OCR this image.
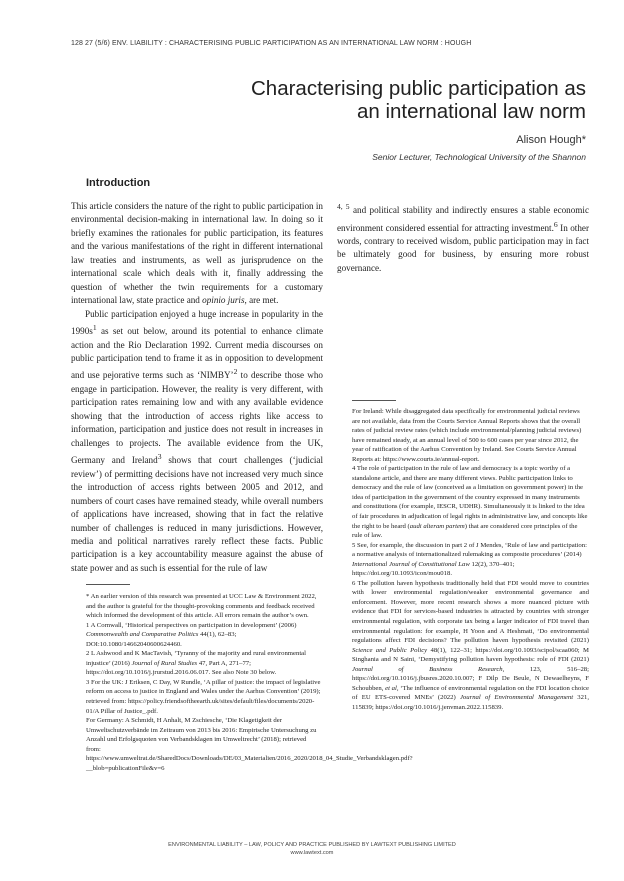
128 27 (5/6) ENV. LIABILITY : CHARACTERISING PUBLIC PARTICIPATION AS AN INTERNATIONAL LAW NORM : HOUGH
Characterising public participation as
an international law norm
Alison Hough*
Senior Lecturer, Technological University of the Shannon
Introduction

This article considers the nature of the right to public participation in environmental decision-making in international law. In doing so it briefly examines the rationales for public participation, its features and the various manifestations of the right in different international law treaties and instruments, as well as jurisprudence on the international scale which deals with it, finally addressing the question of whether the twin requirements for a customary international law, state practice and opinio juris, are met.

Public participation enjoyed a huge increase in popularity in the $1990s^1$ as set out below, around its potential to enhance climate action and the Rio Declaration 1992. Current media discourses on public participation tend to frame it as in opposition to development and use pejorative terms such as ‘NIMBY’$^2$ to describe those who engage in participation. However, the reality is very different, with participation rates remaining low and with any available evidence showing that the introduction of access rights like access to information, participation and justice does not result in increases in challenges to projects. The available evidence from the UK, Germany and Ireland$^3$ shows that court challenges (‘judicial review’) of permitting decisions have not increased very much since the introduction of access rights between 2005 and 2012, and numbers of court cases have remained steady, while overall numbers of applications have increased, showing that in fact the relative number of challenges is reduced in many jurisdictions. However, media and political narratives rarely reflect these facts. Public participation is a key accountability measure against the abuse of state power and as such is essential for the rule of law

$^{4, 5}$ and political stability and indirectly ensures a stable economic environment considered essential for attracting investment.$^6$ In other words, contrary to received wisdom, public participation may in fact be ultimately good for business, by ensuring more robust governance.

* An earlier version of this research was presented at UCC Law & Environment 2022, and the author is grateful for the thought-provoking comments and feedback received which informed the development of this article. All errors remain the author’s own.

1 A Cornwall, ‘Historical perspectives on participation in development’ (2006) Commonwealth and Comparative Politics 44(1), 62–83; DOI:10.1080/14662040600624460.

2 L Ashwood and K MacTavish, ‘Tyranny of the majority and rural environmental injustice’ (2016) Journal of Rural Studies 47, Part A, 271–77; https://doi.org/10.1016/j.jrurstud.2016.06.017. See also Note 30 below.

3 For the UK: J Eriksen, C Day, W Rundle, ‘A pillar of justice: the impact of legislative reform on access to justice in England and Wales under the Aarhus Convention’ (2019); retrieved from: https://policy.friendsoftheearth.uk/sites/default/files/documents/2020-01/A Pillar of Justice_.pdf.

For Germany: A Schmidt, H Anhalt, M Zschiesche, ‘Die Klagetigkeit der Umweltschutzverbände im Zeitraum von 2013 bis 2016: Empirische Untersuchung zu Anzahl und Erfolgsquoten von Verbandsklagen im Umweltrecht’ (2018); retrieved from: https://www.umweltrat.de/SharedDocs/Downloads/DE/03_Materialien/2016_2020/2018_04_Studie_Verbandsklagen.pdf?__blob=publicationFile&v=6

For Ireland: While disaggregated data specifically for environmental judicial reviews are not available, data from the Courts Service Annual Reports shows that the overall rates of judicial review rates (which include environmental/planning judicial reviews) have remained steady, at an annual level of 500 to 600 cases per year since 2012, the year of ratification of the Aarhus Convention by Ireland. See Courts Service Annual Reports at: https://www.courts.ie/annual-report.

4 The role of participation in the rule of law and democracy is a topic worthy of a standalone article, and there are many different views. Public participation links to democracy and the rule of law (conceived as a limitation on government power) in the idea of participation in the government of the country expressed in many instruments and constitutions (for example, IESCR, UDHR). Simultaneously it is linked to the idea of fair procedures in adjudication of legal rights in administrative law, and concepts like the right to be heard (audi alteram partem) that are considered core principles of the rule of law.

5 See, for example, the discussion in part 2 of J Mendes, ‘Rule of law and participation: a normative analysis of internationalized rulemaking as composite procedures’ (2014) International Journal of Constitutional Law 12(2), 370–401; https://doi.org/10.1093/icon/mou018.

6 The pollution haven hypothesis traditionally held that FDI would move to countries with lower environmental regulation/weaker environmental governance and enforcement. However, more recent research shows a more nuanced picture with evidence that FDI for services-based industries is attracted by countries with stronger environmental regulation, with corporate tax being a larger indicator of FDI travel than environmental regulation: for example, H Yoon and A Heshmati, ‘Do environmental regulations affect FDI decisions? The pollution haven hypothesis revisited (2021) Science and Public Policy 48(1), 122–31; https://doi.org/10.1093/scipol/scaa060; M Singhania and N Saini, ‘Demystifying pollution haven hypothesis: role of FDI (2021) Journal of Business Research, 123, 516–28; https://doi.org/10.1016/j.jbusres.2020.10.007; F Dilp De Beule, N Dewaelheyns, F Schoubben, et al, ‘The influence of environmental regulation on the FDI location choice of EU ETS-covered MNEs’ (2022) Journal of Environmental Management 321, 115839; https://doi.org/10.1016/j.jenvman.2022.115839.

ENVIRONMENTAL LIABILITY – LAW, POLICY AND PRACTICE PUBLISHED BY LAWTEXT PUBLISHING LIMITED
www.lawtext.com
